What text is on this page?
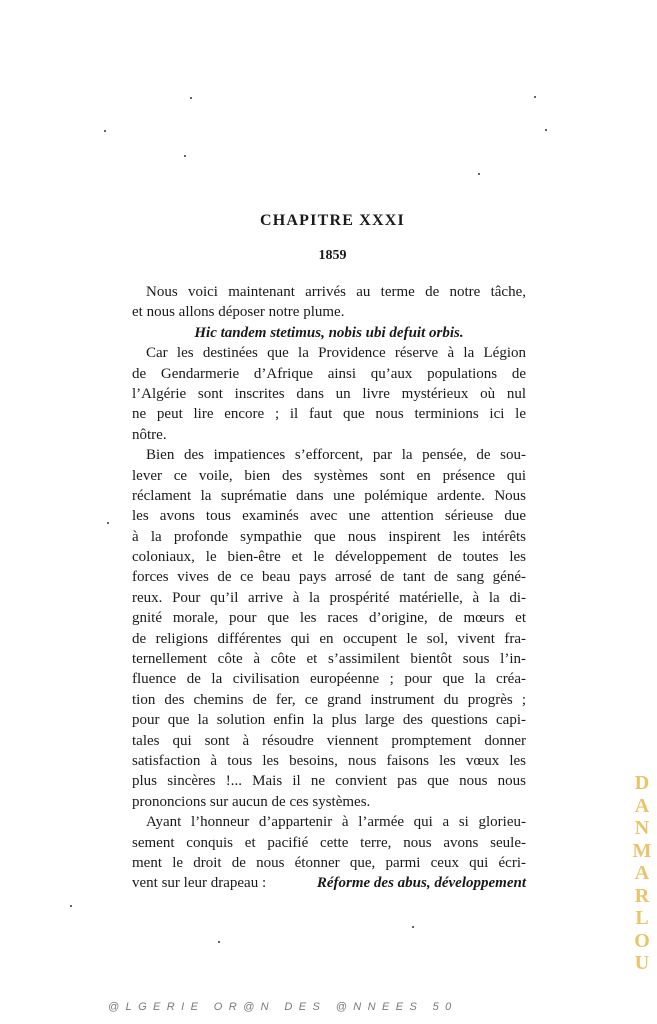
CHAPITRE XXXI
1859
Nous voici maintenant arrivés au terme de notre tâche,
et nous allons déposer notre plume.
Hic tandem stetimus, nobis ubi defuit orbis.
Car les destinées que la Providence réserve à la Légion
de Gendarmerie d’Afrique ainsi qu’aux populations de
l’Algérie sont inscrites dans un livre mystérieux où nul
ne peut lire encore ; il faut que nous terminions ici le
nôtre.
Bien des impatiences s’efforcent, par la pensée, de sou-
lever ce voile, bien des systèmes sont en présence qui
réclament la suprématie dans une polémique ardente. Nous
les avons tous examinés avec une attention sérieuse due
à la profonde sympathie que nous inspirent les intérêts
coloniaux, le bien-être et le développement de toutes les
forces vives de ce beau pays arrosé de tant de sang géné-
reux. Pour qu’il arrive à la prospérité matérielle, à la di-
gnité morale, pour que les races d’origine, de mœurs et
de religions différentes qui en occupent le sol, vivent fra-
ternellement côte à côte et s’assimilent bientôt sous l’in-
fluence de la civilisation européenne ; pour que la créa-
tion des chemins de fer, ce grand instrument du progrès ;
pour que la solution enfin la plus large des questions capi-
tales qui sont à résoudre viennent promptement donner
satisfaction à tous les besoins, nous faisons les vœux les
plus sincères !... Mais il ne convient pas que nous nous
prononcions sur aucun de ces systèmes.
Ayant l’honneur d’appartenir à l’armée qui a si glorieu-
sement conquis et pacifié cette terre, nous avons seule-
ment le droit de nous étonner que, parmi ceux qui écri-
vent sur leur drapeau :	Réforme des abus, développement
D
A
N
M
A
R
L
O
U
@LGERIE OR@N DES @NNEES 50
